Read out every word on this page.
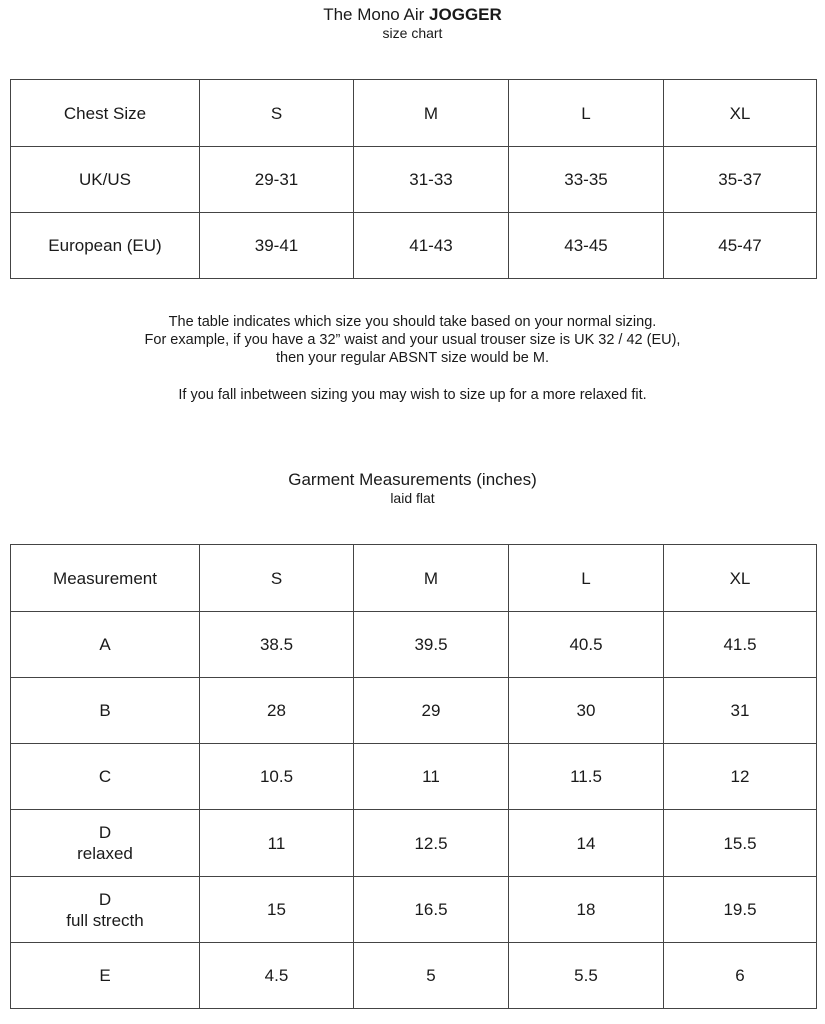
The Mono Air JOGGER
size chart
Chest Size	S	M	L	XL
UK/US	29-31	31-33	33-35	35-37
European (EU)	39-41	41-43	43-45	45-47

The table indicates which size you should take based on your normal sizing.

For example, if you have a 32” waist and your usual trouser size is UK 32 / 42 (EU),

then your regular ABSNT size would be M.

If you fall inbetween sizing you may wish to size up for a more relaxed fit.

Garment Measurements (inches)
laid flat
Measurement	S	M	L	XL
A	38.5	39.5	40.5	41.5
B	28	29	30	31
C	10.5	11	11.5	12

D
relaxed	11	12.5	14	15.5

D
full strecth	15	16.5	18	19.5
E	4.5	5	5.5	6
